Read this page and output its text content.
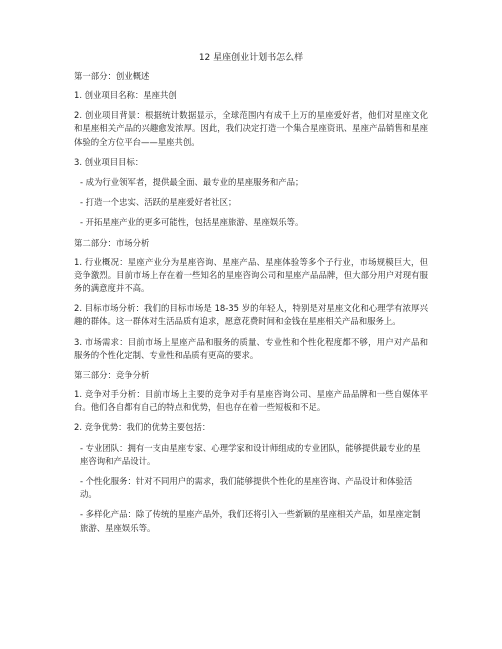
12 星座创业计划书怎么样
第一部分：创业概述
1. 创业项目名称：星座共创
2. 创业项目背景：根据统计数据显示，全球范围内有成千上万的星座爱好者，他们对星座文化和星座相关产品的兴趣愈发浓厚。因此，我们决定打造一个集合星座资讯、星座产品销售和星座体验的全方位平台——星座共创。
3. 创业项目目标：
- 成为行业领军者，提供最全面、最专业的星座服务和产品；
- 打造一个忠实、活跃的星座爱好者社区；
- 开拓星座产业的更多可能性，包括星座旅游、星座娱乐等。
第二部分：市场分析
1. 行业概况：星座产业分为星座咨询、星座产品、星座体验等多个子行业，市场规模巨大，但竞争激烈。目前市场上存在着一些知名的星座咨询公司和星座产品品牌，但大部分用户对现有服务的满意度并不高。
2. 目标市场分析：我们的目标市场是 18-35 岁的年轻人，特别是对星座文化和心理学有浓厚兴趣的群体。这一群体对生活品质有追求，愿意花费时间和金钱在星座相关产品和服务上。
3. 市场需求：目前市场上星座产品和服务的质量、专业性和个性化程度都不够，用户对产品和服务的个性化定制、专业性和品质有更高的要求。
第三部分：竞争分析
1. 竞争对手分析：目前市场上主要的竞争对手有星座咨询公司、星座产品品牌和一些自媒体平台。他们各自都有自己的特点和优势，但也存在着一些短板和不足。
2. 竞争优势：我们的优势主要包括：
- 专业团队：拥有一支由星座专家、心理学家和设计师组成的专业团队，能够提供最专业的星座咨询和产品设计。
- 个性化服务：针对不同用户的需求，我们能够提供个性化的星座咨询、产品设计和体验活动。
- 多样化产品：除了传统的星座产品外，我们还将引入一些新颖的星座相关产品，如星座定制旅游、星座娱乐等。
